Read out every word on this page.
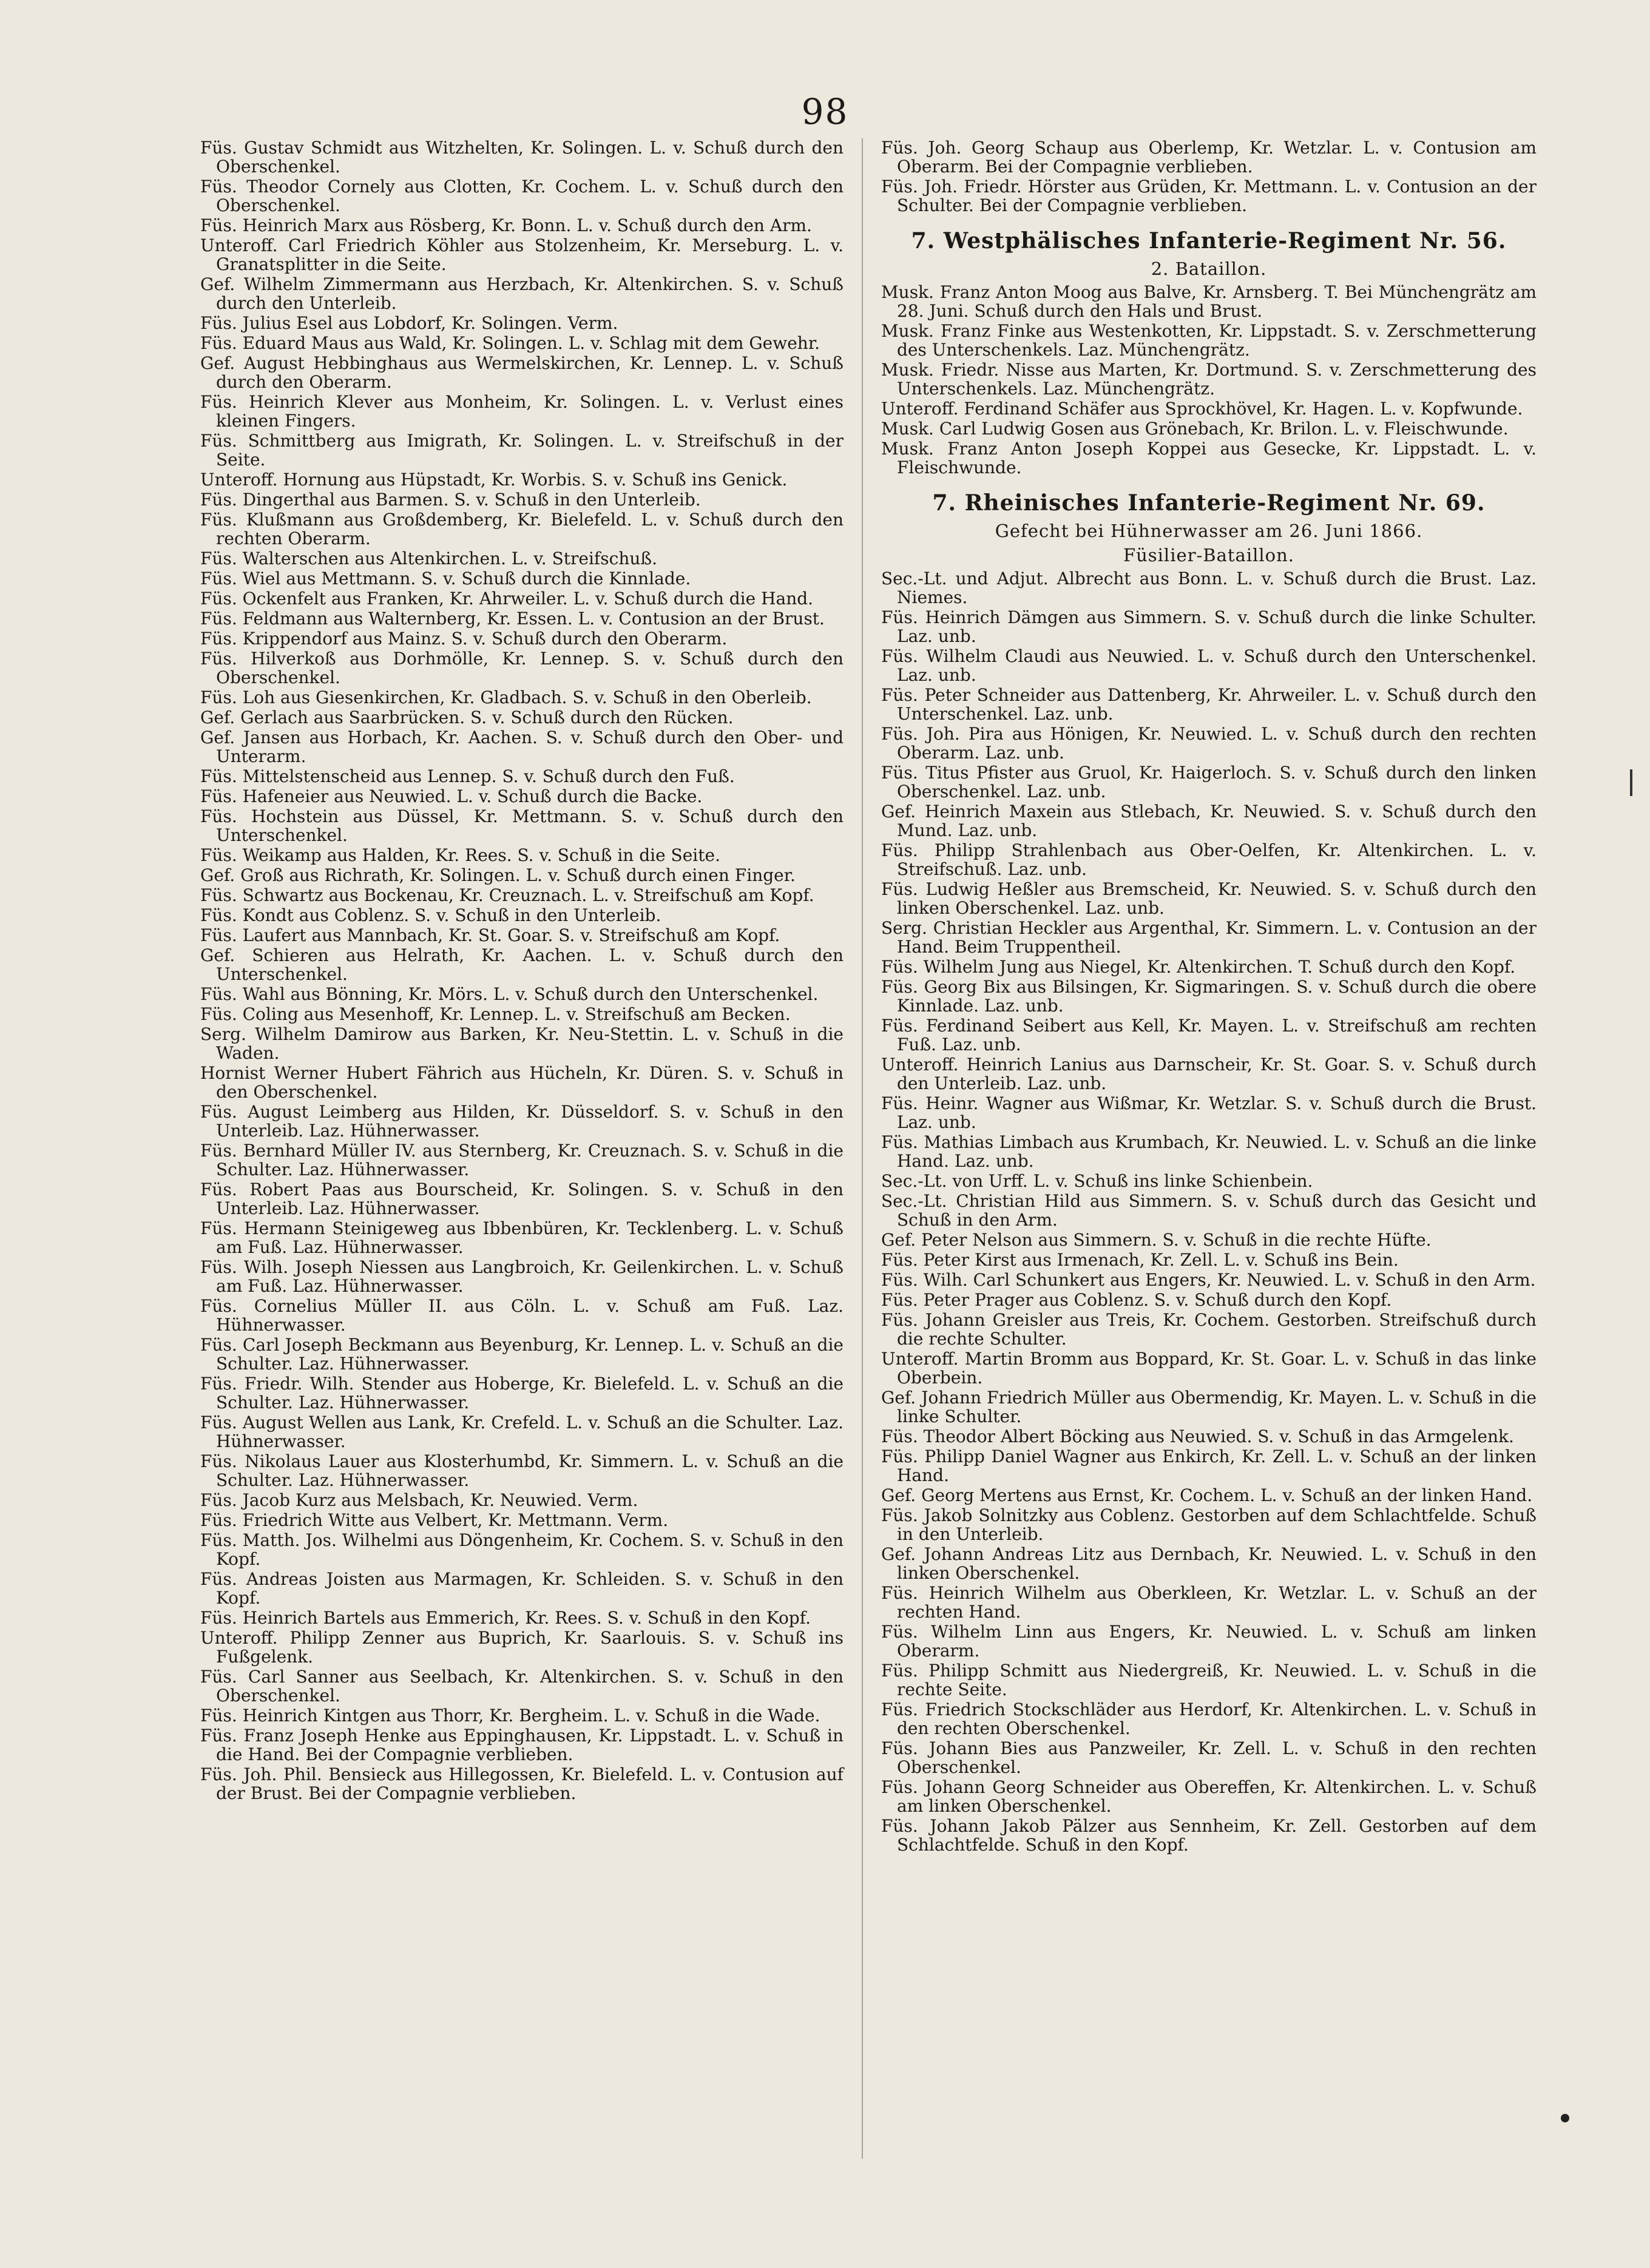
98

Füs. Gustav Schmidt aus Witzhelten, Kr. Solingen. L. v. Schuß durch den Oberschenkel.

Füs. Theodor Cornely aus Clotten, Kr. Cochem. L. v. Schuß durch den Oberschenkel.

Füs. Heinrich Marx aus Rösberg, Kr. Bonn. L. v. Schuß durch den Arm.

Unteroff. Carl Friedrich Köhler aus Stolzenheim, Kr. Merseburg. L. v. Granatsplitter in die Seite.

Gef. Wilhelm Zimmermann aus Herzbach, Kr. Altenkirchen. S. v. Schuß durch den Unterleib.

Füs. Julius Esel aus Lobdorf, Kr. Solingen. Verm.

Füs. Eduard Maus aus Wald, Kr. Solingen. L. v. Schlag mit dem Gewehr.

Gef. August Hebbinghaus aus Wermelskirchen, Kr. Lennep. L. v. Schuß durch den Oberarm.

Füs. Heinrich Klever aus Monheim, Kr. Solingen. L. v. Verlust eines kleinen Fingers.

Füs. Schmittberg aus Imigrath, Kr. Solingen. L. v. Streifschuß in der Seite.

Unteroff. Hornung aus Hüpstadt, Kr. Worbis. S. v. Schuß ins Genick.

Füs. Dingerthal aus Barmen. S. v. Schuß in den Unterleib.

Füs. Klußmann aus Großdemberg, Kr. Bielefeld. L. v. Schuß durch den rechten Oberarm.

Füs. Walterschen aus Altenkirchen. L. v. Streifschuß.

Füs. Wiel aus Mettmann. S. v. Schuß durch die Kinnlade.

Füs. Ockenfelt aus Franken, Kr. Ahrweiler. L. v. Schuß durch die Hand.

Füs. Feldmann aus Walternberg, Kr. Essen. L. v. Contusion an der Brust.

Füs. Krippendorf aus Mainz. S. v. Schuß durch den Oberarm.

Füs. Hilverkoß aus Dorhmölle, Kr. Lennep. S. v. Schuß durch den Oberschenkel.

Füs. Loh aus Giesenkirchen, Kr. Gladbach. S. v. Schuß in den Oberleib.

Gef. Gerlach aus Saarbrücken. S. v. Schuß durch den Rücken.

Gef. Jansen aus Horbach, Kr. Aachen. S. v. Schuß durch den Ober- und Unterarm.

Füs. Mittelstenscheid aus Lennep. S. v. Schuß durch den Fuß.

Füs. Hafeneier aus Neuwied. L. v. Schuß durch die Backe.

Füs. Hochstein aus Düssel, Kr. Mettmann. S. v. Schuß durch den Unterschenkel.

Füs. Weikamp aus Halden, Kr. Rees. S. v. Schuß in die Seite.

Gef. Groß aus Richrath, Kr. Solingen. L. v. Schuß durch einen Finger.

Füs. Schwartz aus Bockenau, Kr. Creuznach. L. v. Streifschuß am Kopf.

Füs. Kondt aus Coblenz. S. v. Schuß in den Unterleib.

Füs. Laufert aus Mannbach, Kr. St. Goar. S. v. Streifschuß am Kopf.

Gef. Schieren aus Helrath, Kr. Aachen. L. v. Schuß durch den Unterschenkel.

Füs. Wahl aus Bönning, Kr. Mörs. L. v. Schuß durch den Unterschenkel.

Füs. Coling aus Mesenhoff, Kr. Lennep. L. v. Streifschuß am Becken.

Serg. Wilhelm Damirow aus Barken, Kr. Neu-Stettin. L. v. Schuß in die Waden.

Hornist Werner Hubert Fährich aus Hücheln, Kr. Düren. S. v. Schuß in den Oberschenkel.

Füs. August Leimberg aus Hilden, Kr. Düsseldorf. S. v. Schuß in den Unterleib. Laz. Hühnerwasser.

Füs. Bernhard Müller IV. aus Sternberg, Kr. Creuznach. S. v. Schuß in die Schulter. Laz. Hühnerwasser.

Füs. Robert Paas aus Bourscheid, Kr. Solingen. S. v. Schuß in den Unterleib. Laz. Hühnerwasser.

Füs. Hermann Steinigeweg aus Ibbenbüren, Kr. Tecklenberg. L. v. Schuß am Fuß. Laz. Hühnerwasser.

Füs. Wilh. Joseph Niessen aus Langbroich, Kr. Geilenkirchen. L. v. Schuß am Fuß. Laz. Hühnerwasser.

Füs. Cornelius Müller II. aus Cöln. L. v. Schuß am Fuß. Laz. Hühnerwasser.

Füs. Carl Joseph Beckmann aus Beyenburg, Kr. Lennep. L. v. Schuß an die Schulter. Laz. Hühnerwasser.

Füs. Friedr. Wilh. Stender aus Hoberge, Kr. Bielefeld. L. v. Schuß an die Schulter. Laz. Hühnerwasser.

Füs. August Wellen aus Lank, Kr. Crefeld. L. v. Schuß an die Schulter. Laz. Hühnerwasser.

Füs. Nikolaus Lauer aus Klosterhumbd, Kr. Simmern. L. v. Schuß an die Schulter. Laz. Hühnerwasser.

Füs. Jacob Kurz aus Melsbach, Kr. Neuwied. Verm.

Füs. Friedrich Witte aus Velbert, Kr. Mettmann. Verm.

Füs. Matth. Jos. Wilhelmi aus Döngenheim, Kr. Cochem. S. v. Schuß in den Kopf.

Füs. Andreas Joisten aus Marmagen, Kr. Schleiden. S. v. Schuß in den Kopf.

Füs. Heinrich Bartels aus Emmerich, Kr. Rees. S. v. Schuß in den Kopf.

Unteroff. Philipp Zenner aus Buprich, Kr. Saarlouis. S. v. Schuß ins Fußgelenk.

Füs. Carl Sanner aus Seelbach, Kr. Altenkirchen. S. v. Schuß in den Oberschenkel.

Füs. Heinrich Kintgen aus Thorr, Kr. Bergheim. L. v. Schuß in die Wade.

Füs. Franz Joseph Henke aus Eppinghausen, Kr. Lippstadt. L. v. Schuß in die Hand. Bei der Compagnie verblieben.

Füs. Joh. Phil. Bensieck aus Hillegossen, Kr. Bielefeld. L. v. Contusion auf der Brust. Bei der Compagnie verblieben.

Füs. Joh. Georg Schaup aus Oberlemp, Kr. Wetzlar. L. v. Contusion am Oberarm. Bei der Compagnie verblieben.

Füs. Joh. Friedr. Hörster aus Grüden, Kr. Mettmann. L. v. Contusion an der Schulter. Bei der Compagnie verblieben.

7. Westphälisches Infanterie-Regiment Nr. 56.
2. Bataillon.

Musk. Franz Anton Moog aus Balve, Kr. Arnsberg. T. Bei Münchengrätz am 28. Juni. Schuß durch den Hals und Brust.

Musk. Franz Finke aus Westenkotten, Kr. Lippstadt. S. v. Zerschmetterung des Unterschenkels. Laz. Münchengrätz.

Musk. Friedr. Nisse aus Marten, Kr. Dortmund. S. v. Zerschmetterung des Unterschenkels. Laz. Münchengrätz.

Unteroff. Ferdinand Schäfer aus Sprockhövel, Kr. Hagen. L. v. Kopfwunde.

Musk. Carl Ludwig Gosen aus Grönebach, Kr. Brilon. L. v. Fleischwunde.

Musk. Franz Anton Joseph Koppei aus Gesecke, Kr. Lippstadt. L. v. Fleischwunde.

7. Rheinisches Infanterie-Regiment Nr. 69.
Gefecht bei Hühnerwasser am 26. Juni 1866.
Füsilier-Bataillon.

Sec.-Lt. und Adjut. Albrecht aus Bonn. L. v. Schuß durch die Brust. Laz. Niemes.

Füs. Heinrich Dämgen aus Simmern. S. v. Schuß durch die linke Schulter. Laz. unb.

Füs. Wilhelm Claudi aus Neuwied. L. v. Schuß durch den Unterschenkel. Laz. unb.

Füs. Peter Schneider aus Dattenberg, Kr. Ahrweiler. L. v. Schuß durch den Unterschenkel. Laz. unb.

Füs. Joh. Pira aus Hönigen, Kr. Neuwied. L. v. Schuß durch den rechten Oberarm. Laz. unb.

Füs. Titus Pfister aus Gruol, Kr. Haigerloch. S. v. Schuß durch den linken Oberschenkel. Laz. unb.

Gef. Heinrich Maxein aus Stlebach, Kr. Neuwied. S. v. Schuß durch den Mund. Laz. unb.

Füs. Philipp Strahlenbach aus Ober-Oelfen, Kr. Altenkirchen. L. v. Streifschuß. Laz. unb.

Füs. Ludwig Heßler aus Bremscheid, Kr. Neuwied. S. v. Schuß durch den linken Oberschenkel. Laz. unb.

Serg. Christian Heckler aus Argenthal, Kr. Simmern. L. v. Contusion an der Hand. Beim Truppentheil.

Füs. Wilhelm Jung aus Niegel, Kr. Altenkirchen. T. Schuß durch den Kopf.

Füs. Georg Bix aus Bilsingen, Kr. Sigmaringen. S. v. Schuß durch die obere Kinnlade. Laz. unb.

Füs. Ferdinand Seibert aus Kell, Kr. Mayen. L. v. Streifschuß am rechten Fuß. Laz. unb.

Unteroff. Heinrich Lanius aus Darnscheir, Kr. St. Goar. S. v. Schuß durch den Unterleib. Laz. unb.

Füs. Heinr. Wagner aus Wißmar, Kr. Wetzlar. S. v. Schuß durch die Brust. Laz. unb.

Füs. Mathias Limbach aus Krumbach, Kr. Neuwied. L. v. Schuß an die linke Hand. Laz. unb.

Sec.-Lt. von Urff. L. v. Schuß ins linke Schienbein.

Sec.-Lt. Christian Hild aus Simmern. S. v. Schuß durch das Gesicht und Schuß in den Arm.

Gef. Peter Nelson aus Simmern. S. v. Schuß in die rechte Hüfte.

Füs. Peter Kirst aus Irmenach, Kr. Zell. L. v. Schuß ins Bein.

Füs. Wilh. Carl Schunkert aus Engers, Kr. Neuwied. L. v. Schuß in den Arm.

Füs. Peter Prager aus Coblenz. S. v. Schuß durch den Kopf.

Füs. Johann Greisler aus Treis, Kr. Cochem. Gestorben. Streifschuß durch die rechte Schulter.

Unteroff. Martin Bromm aus Boppard, Kr. St. Goar. L. v. Schuß in das linke Oberbein.

Gef. Johann Friedrich Müller aus Obermendig, Kr. Mayen. L. v. Schuß in die linke Schulter.

Füs. Theodor Albert Böcking aus Neuwied. S. v. Schuß in das Armgelenk.

Füs. Philipp Daniel Wagner aus Enkirch, Kr. Zell. L. v. Schuß an der linken Hand.

Gef. Georg Mertens aus Ernst, Kr. Cochem. L. v. Schuß an der linken Hand.

Füs. Jakob Solnitzky aus Coblenz. Gestorben auf dem Schlachtfelde. Schuß in den Unterleib.

Gef. Johann Andreas Litz aus Dernbach, Kr. Neuwied. L. v. Schuß in den linken Oberschenkel.

Füs. Heinrich Wilhelm aus Oberkleen, Kr. Wetzlar. L. v. Schuß an der rechten Hand.

Füs. Wilhelm Linn aus Engers, Kr. Neuwied. L. v. Schuß am linken Oberarm.

Füs. Philipp Schmitt aus Niedergreiß, Kr. Neuwied. L. v. Schuß in die rechte Seite.

Füs. Friedrich Stockschläder aus Herdorf, Kr. Altenkirchen. L. v. Schuß in den rechten Oberschenkel.

Füs. Johann Bies aus Panzweiler, Kr. Zell. L. v. Schuß in den rechten Oberschenkel.

Füs. Johann Georg Schneider aus Obereffen, Kr. Altenkirchen. L. v. Schuß am linken Oberschenkel.

Füs. Johann Jakob Pälzer aus Sennheim, Kr. Zell. Gestorben auf dem Schlachtfelde. Schuß in den Kopf.
